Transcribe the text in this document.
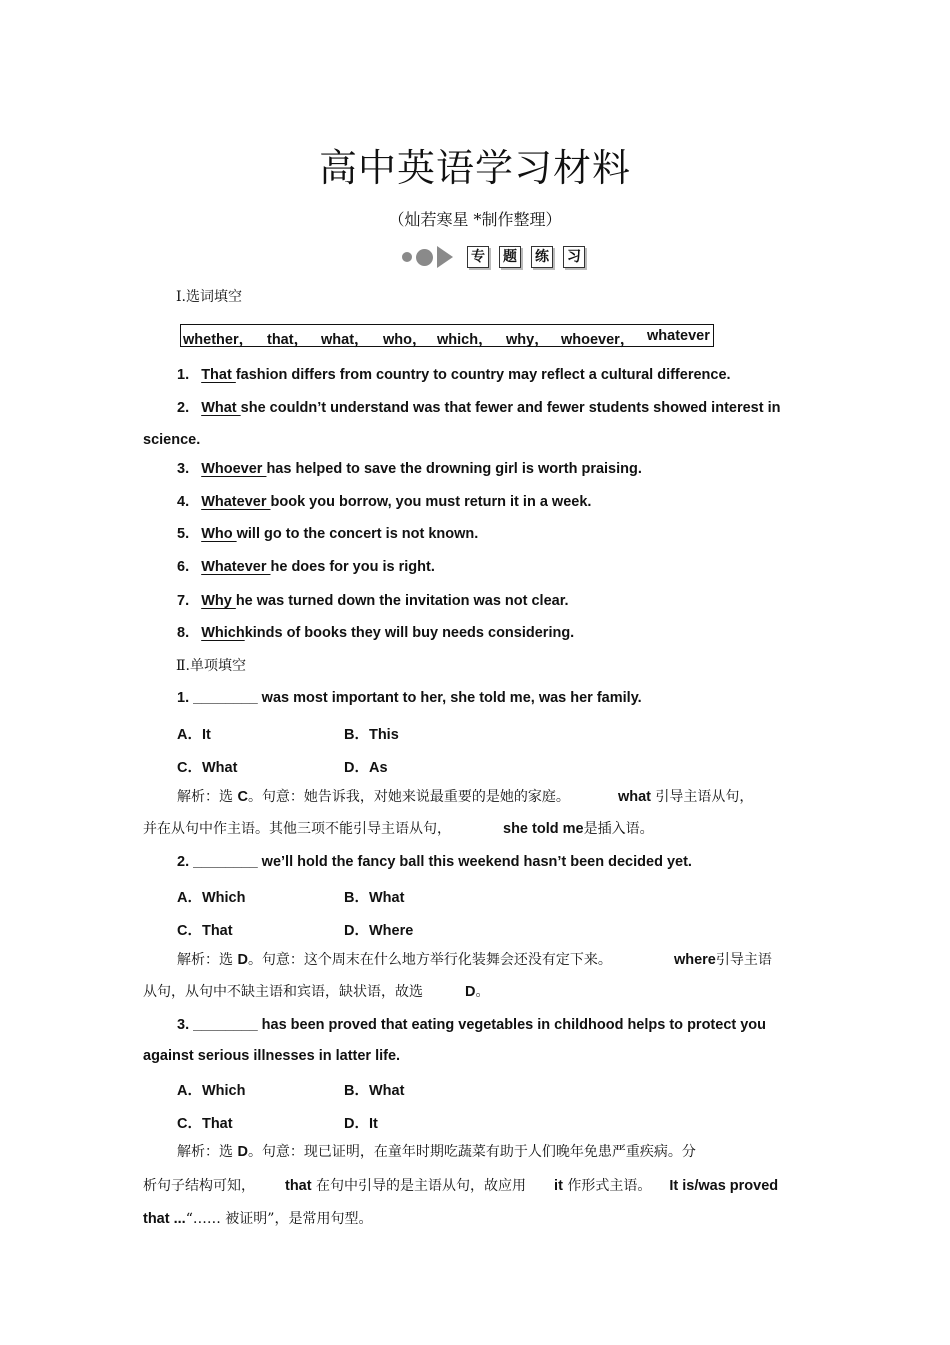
高中英语学习材料
（灿若寒星 *制作整理）
专 题 练 习
Ⅰ.选词填空
whether， that， what， who， which， why， whoever， whatever
1. That fashion differs from country to country may reflect a cultural difference.
2. What she couldn’t understand was that fewer and fewer students showed interest in
science.
3. Whoever has helped to save the drowning girl is worth praising.
4. Whatever book you borrow, you must return it in a week.
5. Who will go to the concert is not known.
6. Whatever he does for you is right.
7. Why he was turned down the invitation was not clear.
8. Whichkinds of books they will buy needs considering.
Ⅱ.单项填空
1. ________ was most important to her, she told me, was her family.
A．It	B．This
C．What	D．As
解析：选 C。句意：她告诉我，对她来说最重要的是她的家庭。	what 引导主语从句，
并在从句中作主语。其他三项不能引导主语从句，	she told me是插入语。
2. ________ we’ll hold the fancy ball this weekend hasn’t been decided yet.
A．Which	B．What
C．That	D．Where
解析：选 D。句意：这个周末在什么地方举行化装舞会还没有定下来。	where引导主语
从句，从句中不缺主语和宾语，缺状语，故选	D。
3. ________ has been proved that eating vegetables in childhood helps to protect you
against serious illnesses in latter life.
A．Which	B．What
C．That	D．It
解析：选 D。句意：现已证明，在童年时期吃蔬菜有助于人们晚年免患严重疾病。分
析句子结构可知， that 在句中引导的是主语从句，故应用 it 作形式主语。 It is/was proved
that ...“…… 被证明”，是常用句型。
